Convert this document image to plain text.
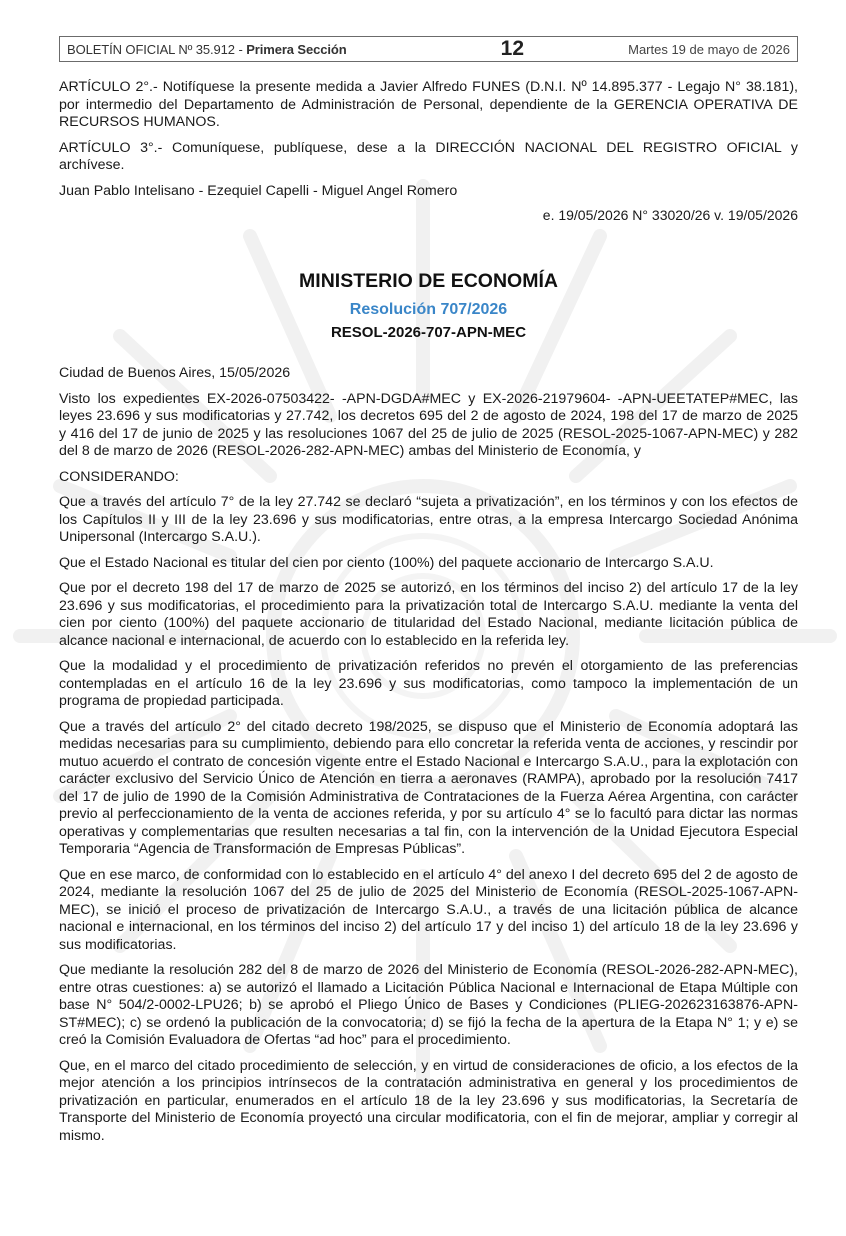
BOLETÍN OFICIAL Nº 35.912 - Primera Sección	12	Martes 19 de mayo de 2026

ARTÍCULO 2°.- Notifíquese la presente medida a Javier Alfredo FUNES (D.N.I. Nº 14.895.377 - Legajo N° 38.181), por intermedio del Departamento de Administración de Personal, dependiente de la GERENCIA OPERATIVA DE RECURSOS HUMANOS.

ARTÍCULO 3°.- Comuníquese, publíquese, dese a la DIRECCIÓN NACIONAL DEL REGISTRO OFICIAL y archívese.

Juan Pablo Intelisano - Ezequiel Capelli - Miguel Angel Romero

e. 19/05/2026 N° 33020/26 v. 19/05/2026

MINISTERIO DE ECONOMÍA

Resolución 707/2026

RESOL-2026-707-APN-MEC

Ciudad de Buenos Aires, 15/05/2026

Visto los expedientes EX-2026-07503422- -APN-DGDA#MEC y EX-2026-21979604- -APN-UEETATEP#MEC, las leyes 23.696 y sus modificatorias y 27.742, los decretos 695 del 2 de agosto de 2024, 198 del 17 de marzo de 2025 y 416 del 17 de junio de 2025 y las resoluciones 1067 del 25 de julio de 2025 (RESOL-2025-1067-APN-MEC) y 282 del 8 de marzo de 2026 (RESOL-2026-282-APN-MEC) ambas del Ministerio de Economía, y

CONSIDERANDO:

Que a través del artículo 7° de la ley 27.742 se declaró “sujeta a privatización”, en los términos y con los efectos de los Capítulos II y III de la ley 23.696 y sus modificatorias, entre otras, a la empresa Intercargo Sociedad Anónima Unipersonal (Intercargo S.A.U.).

Que el Estado Nacional es titular del cien por ciento (100%) del paquete accionario de Intercargo S.A.U.

Que por el decreto 198 del 17 de marzo de 2025 se autorizó, en los términos del inciso 2) del artículo 17 de la ley 23.696 y sus modificatorias, el procedimiento para la privatización total de Intercargo S.A.U. mediante la venta del cien por ciento (100%) del paquete accionario de titularidad del Estado Nacional, mediante licitación pública de alcance nacional e internacional, de acuerdo con lo establecido en la referida ley.

Que la modalidad y el procedimiento de privatización referidos no prevén el otorgamiento de las preferencias contempladas en el artículo 16 de la ley 23.696 y sus modificatorias, como tampoco la implementación de un programa de propiedad participada.

Que a través del artículo 2° del citado decreto 198/2025, se dispuso que el Ministerio de Economía adoptará las medidas necesarias para su cumplimiento, debiendo para ello concretar la referida venta de acciones, y rescindir por mutuo acuerdo el contrato de concesión vigente entre el Estado Nacional e Intercargo S.A.U., para la explotación con carácter exclusivo del Servicio Único de Atención en tierra a aeronaves (RAMPA), aprobado por la resolución 7417 del 17 de julio de 1990 de la Comisión Administrativa de Contrataciones de la Fuerza Aérea Argentina, con carácter previo al perfeccionamiento de la venta de acciones referida, y por su artículo 4° se lo facultó para dictar las normas operativas y complementarias que resulten necesarias a tal fin, con la intervención de la Unidad Ejecutora Especial Temporaria “Agencia de Transformación de Empresas Públicas”.

Que en ese marco, de conformidad con lo establecido en el artículo 4° del anexo I del decreto 695 del 2 de agosto de 2024, mediante la resolución 1067 del 25 de julio de 2025 del Ministerio de Economía (RESOL-2025-1067-APN-MEC), se inició el proceso de privatización de Intercargo S.A.U., a través de una licitación pública de alcance nacional e internacional, en los términos del inciso 2) del artículo 17 y del inciso 1) del artículo 18 de la ley 23.696 y sus modificatorias.

Que mediante la resolución 282 del 8 de marzo de 2026 del Ministerio de Economía (RESOL-2026-282-APN-MEC), entre otras cuestiones: a) se autorizó el llamado a Licitación Pública Nacional e Internacional de Etapa Múltiple con base N° 504/2-0002-LPU26; b) se aprobó el Pliego Único de Bases y Condiciones (PLIEG-202623163876-APN-ST#MEC); c) se ordenó la publicación de la convocatoria; d) se fijó la fecha de la apertura de la Etapa N° 1; y e) se creó la Comisión Evaluadora de Ofertas “ad hoc” para el procedimiento.

Que, en el marco del citado procedimiento de selección, y en virtud de consideraciones de oficio, a los efectos de la mejor atención a los principios intrínsecos de la contratación administrativa en general y los procedimientos de privatización en particular, enumerados en el artículo 18 de la ley 23.696 y sus modificatorias, la Secretaría de Transporte del Ministerio de Economía proyectó una circular modificatoria, con el fin de mejorar, ampliar y corregir al mismo.
